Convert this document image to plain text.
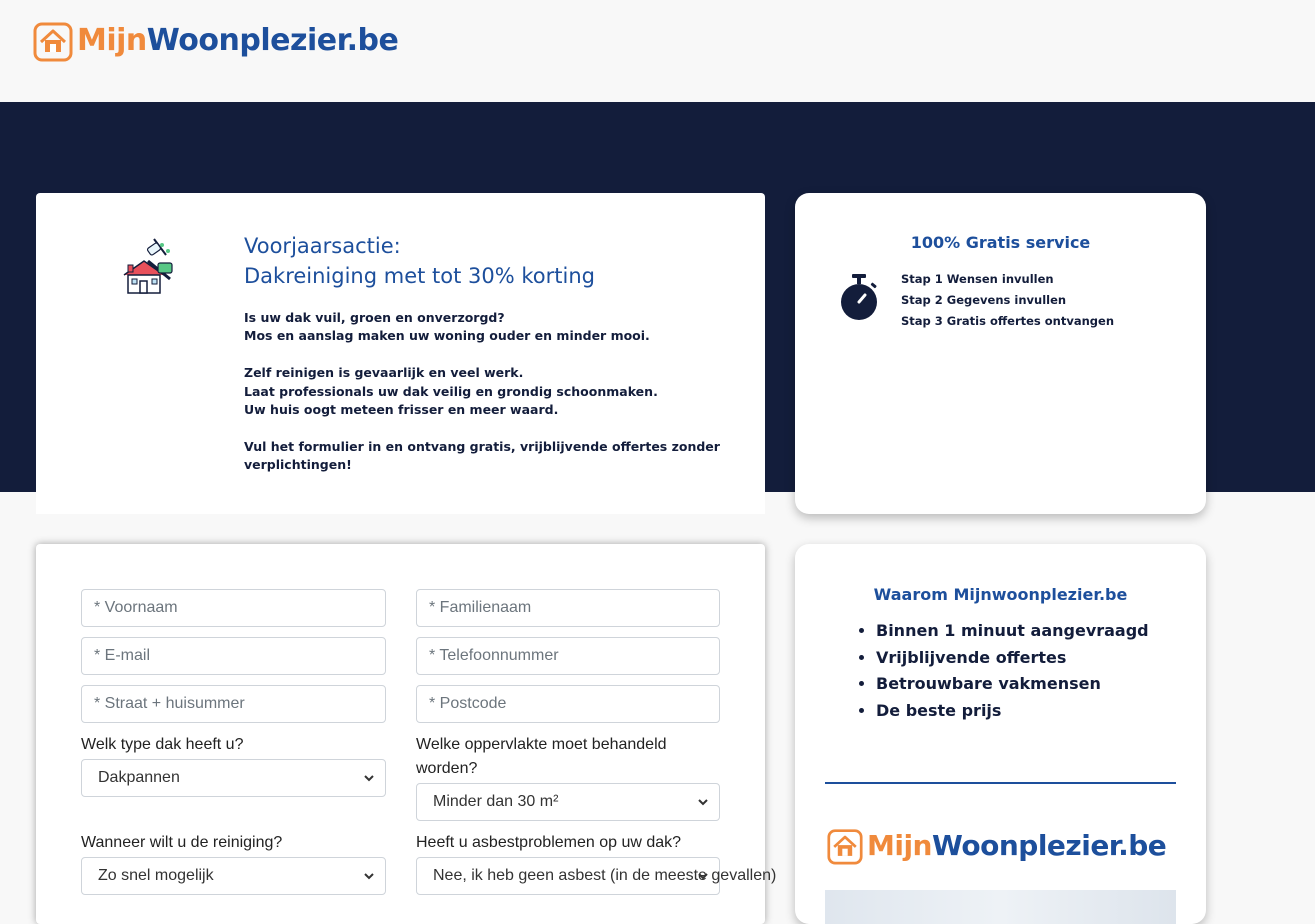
MijnWoonplezier.be
Voorjaarsactie:
Dakreiniging met tot 30% korting

Is uw dak vuil, groen en onverzorgd?
Mos en aanslag maken uw woning ouder en minder mooi.

Zelf reinigen is gevaarlijk en veel werk.
Laat professionals uw dak veilig en grondig schoonmaken.
Uw huis oogt meteen frisser en meer waard.

Vul het formulier in en ontvang gratis, vrijblijvende offertes zonder verplichtingen!

100% Gratis service
Stap 1 Wensen invullen
Stap 2 Gegevens invullen
Stap 3 Gratis offertes ontvangen
* Voornaam
* Familienaam
* E-mail
* Telefoonnummer
* Straat + huisummer
* Postcode
Welk type dak heeft u?
Dakpannen
Welke oppervlakte moet behandeld worden?
Minder dan 30 m²
Wanneer wilt u de reiniging?
Zo snel mogelijk
Heeft u asbestproblemen op uw dak?
Nee, ik heb geen asbest (in de meeste gevallen)
Waarom Mijnwoonplezier.be
• Binnen 1 minuut aangevraagd
• Vrijblijvende offertes
• Betrouwbare vakmensen
• De beste prijs
MijnWoonplezier.be
